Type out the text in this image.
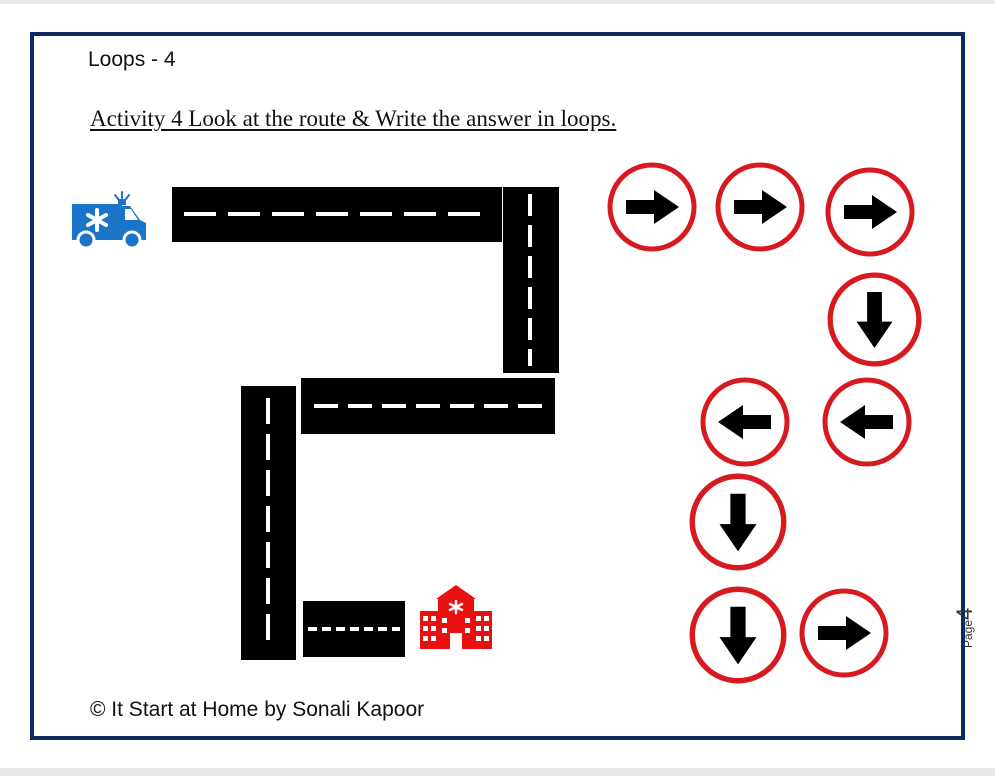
Loops - 4
Activity 4 Look at the route & Write the answer in loops.
© It Start at Home by Sonali Kapoor
Page4
